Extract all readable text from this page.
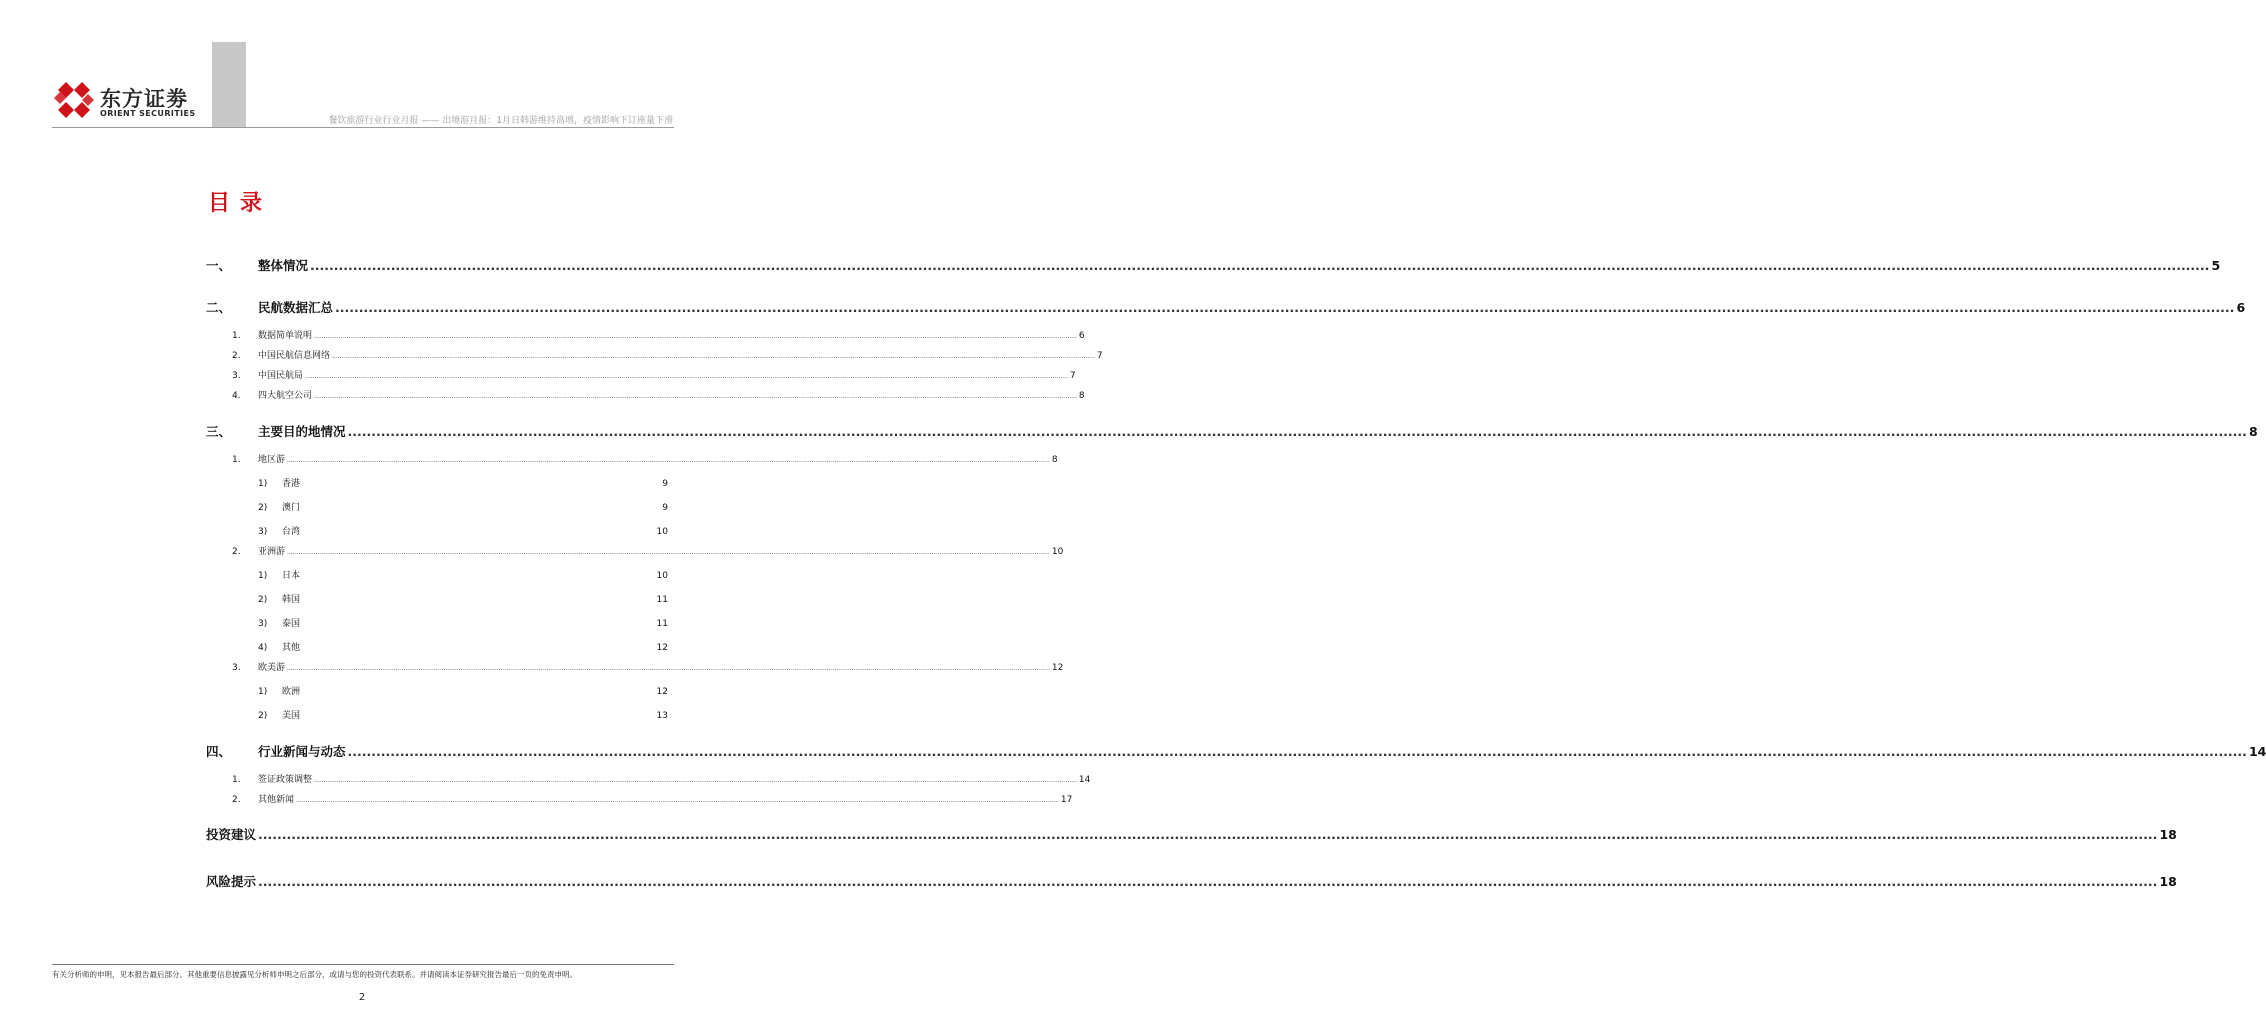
东方证劵
ORIENT SECURITIES
餐饮旅游行业行业月报 —— 出境游月报：1月日韩游维持高增，疫情影响下订座量下滑
目录
一、	整体情况 ................................................................................................................................................................................................................................................................................................................................................................................................................ 5
二、	民航数据汇总 ................................................................................................................................................................................................................................................................................................................................................................................................................ 6
1.	数据简单说明 ................................................................................................................................................................................................................................................................................................................................................................................................................ 6
2.	中国民航信息网络 ................................................................................................................................................................................................................................................................................................................................................................................................................ 7
3.	中国民航局 ................................................................................................................................................................................................................................................................................................................................................................................................................ 7
4.	四大航空公司 ................................................................................................................................................................................................................................................................................................................................................................................................................ 8
三、	主要目的地情况 ................................................................................................................................................................................................................................................................................................................................................................................................................ 8
1.	地区游 ................................................................................................................................................................................................................................................................................................................................................................................................................ 8
1)	香港	9
2)	澳门	9
3)	台湾	10
2.	亚洲游 ................................................................................................................................................................................................................................................................................................................................................................................................................ 10
1)	日本	10
2)	韩国	11
3)	泰国	11
4)	其他	12
3.	欧美游 ................................................................................................................................................................................................................................................................................................................................................................................................................ 12
1)	欧洲	12
2)	美国	13
四、	行业新闻与动态 ................................................................................................................................................................................................................................................................................................................................................................................................................ 14
1.	签证政策调整 ................................................................................................................................................................................................................................................................................................................................................................................................................ 14
2.	其他新闻 ................................................................................................................................................................................................................................................................................................................................................................................................................ 17
投资建议 ................................................................................................................................................................................................................................................................................................................................................................................................................ 18
风险提示 ................................................................................................................................................................................................................................................................................................................................................................................................................ 18
有关分析师的申明，见本报告最后部分。其他重要信息披露见分析师申明之后部分，或请与您的投资代表联系。并请阅读本证券研究报告最后一页的免责申明。
2
